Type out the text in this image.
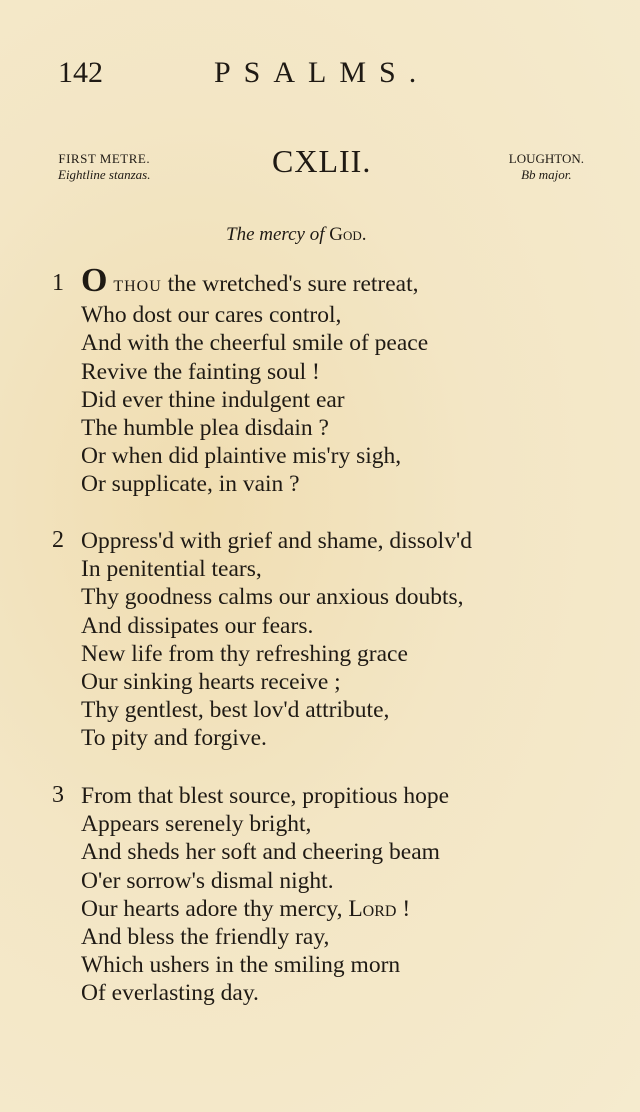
142	PSALMS.
FIRST METRE.
Eightline stanzas.	CXLII.	LOUGHTON.
Bb major.
The mercy of God.
1 O THOU the wretched's sure retreat,
Who dost our cares control,
And with the cheerful smile of peace
Revive the fainting soul !
Did ever thine indulgent ear
The humble plea disdain ?
Or when did plaintive mis'ry sigh,
Or supplicate, in vain ?
2 Oppress'd with grief and shame, dissolv'd
In penitential tears,
Thy goodness calms our anxious doubts,
And dissipates our fears.
New life from thy refreshing grace
Our sinking hearts receive ;
Thy gentlest, best lov'd attribute,
To pity and forgive.
3 From that blest source, propitious hope
Appears serenely bright,
And sheds her soft and cheering beam
O'er sorrow's dismal night.
Our hearts adore thy mercy, Lord !
And bless the friendly ray,
Which ushers in the smiling morn
Of everlasting day.
